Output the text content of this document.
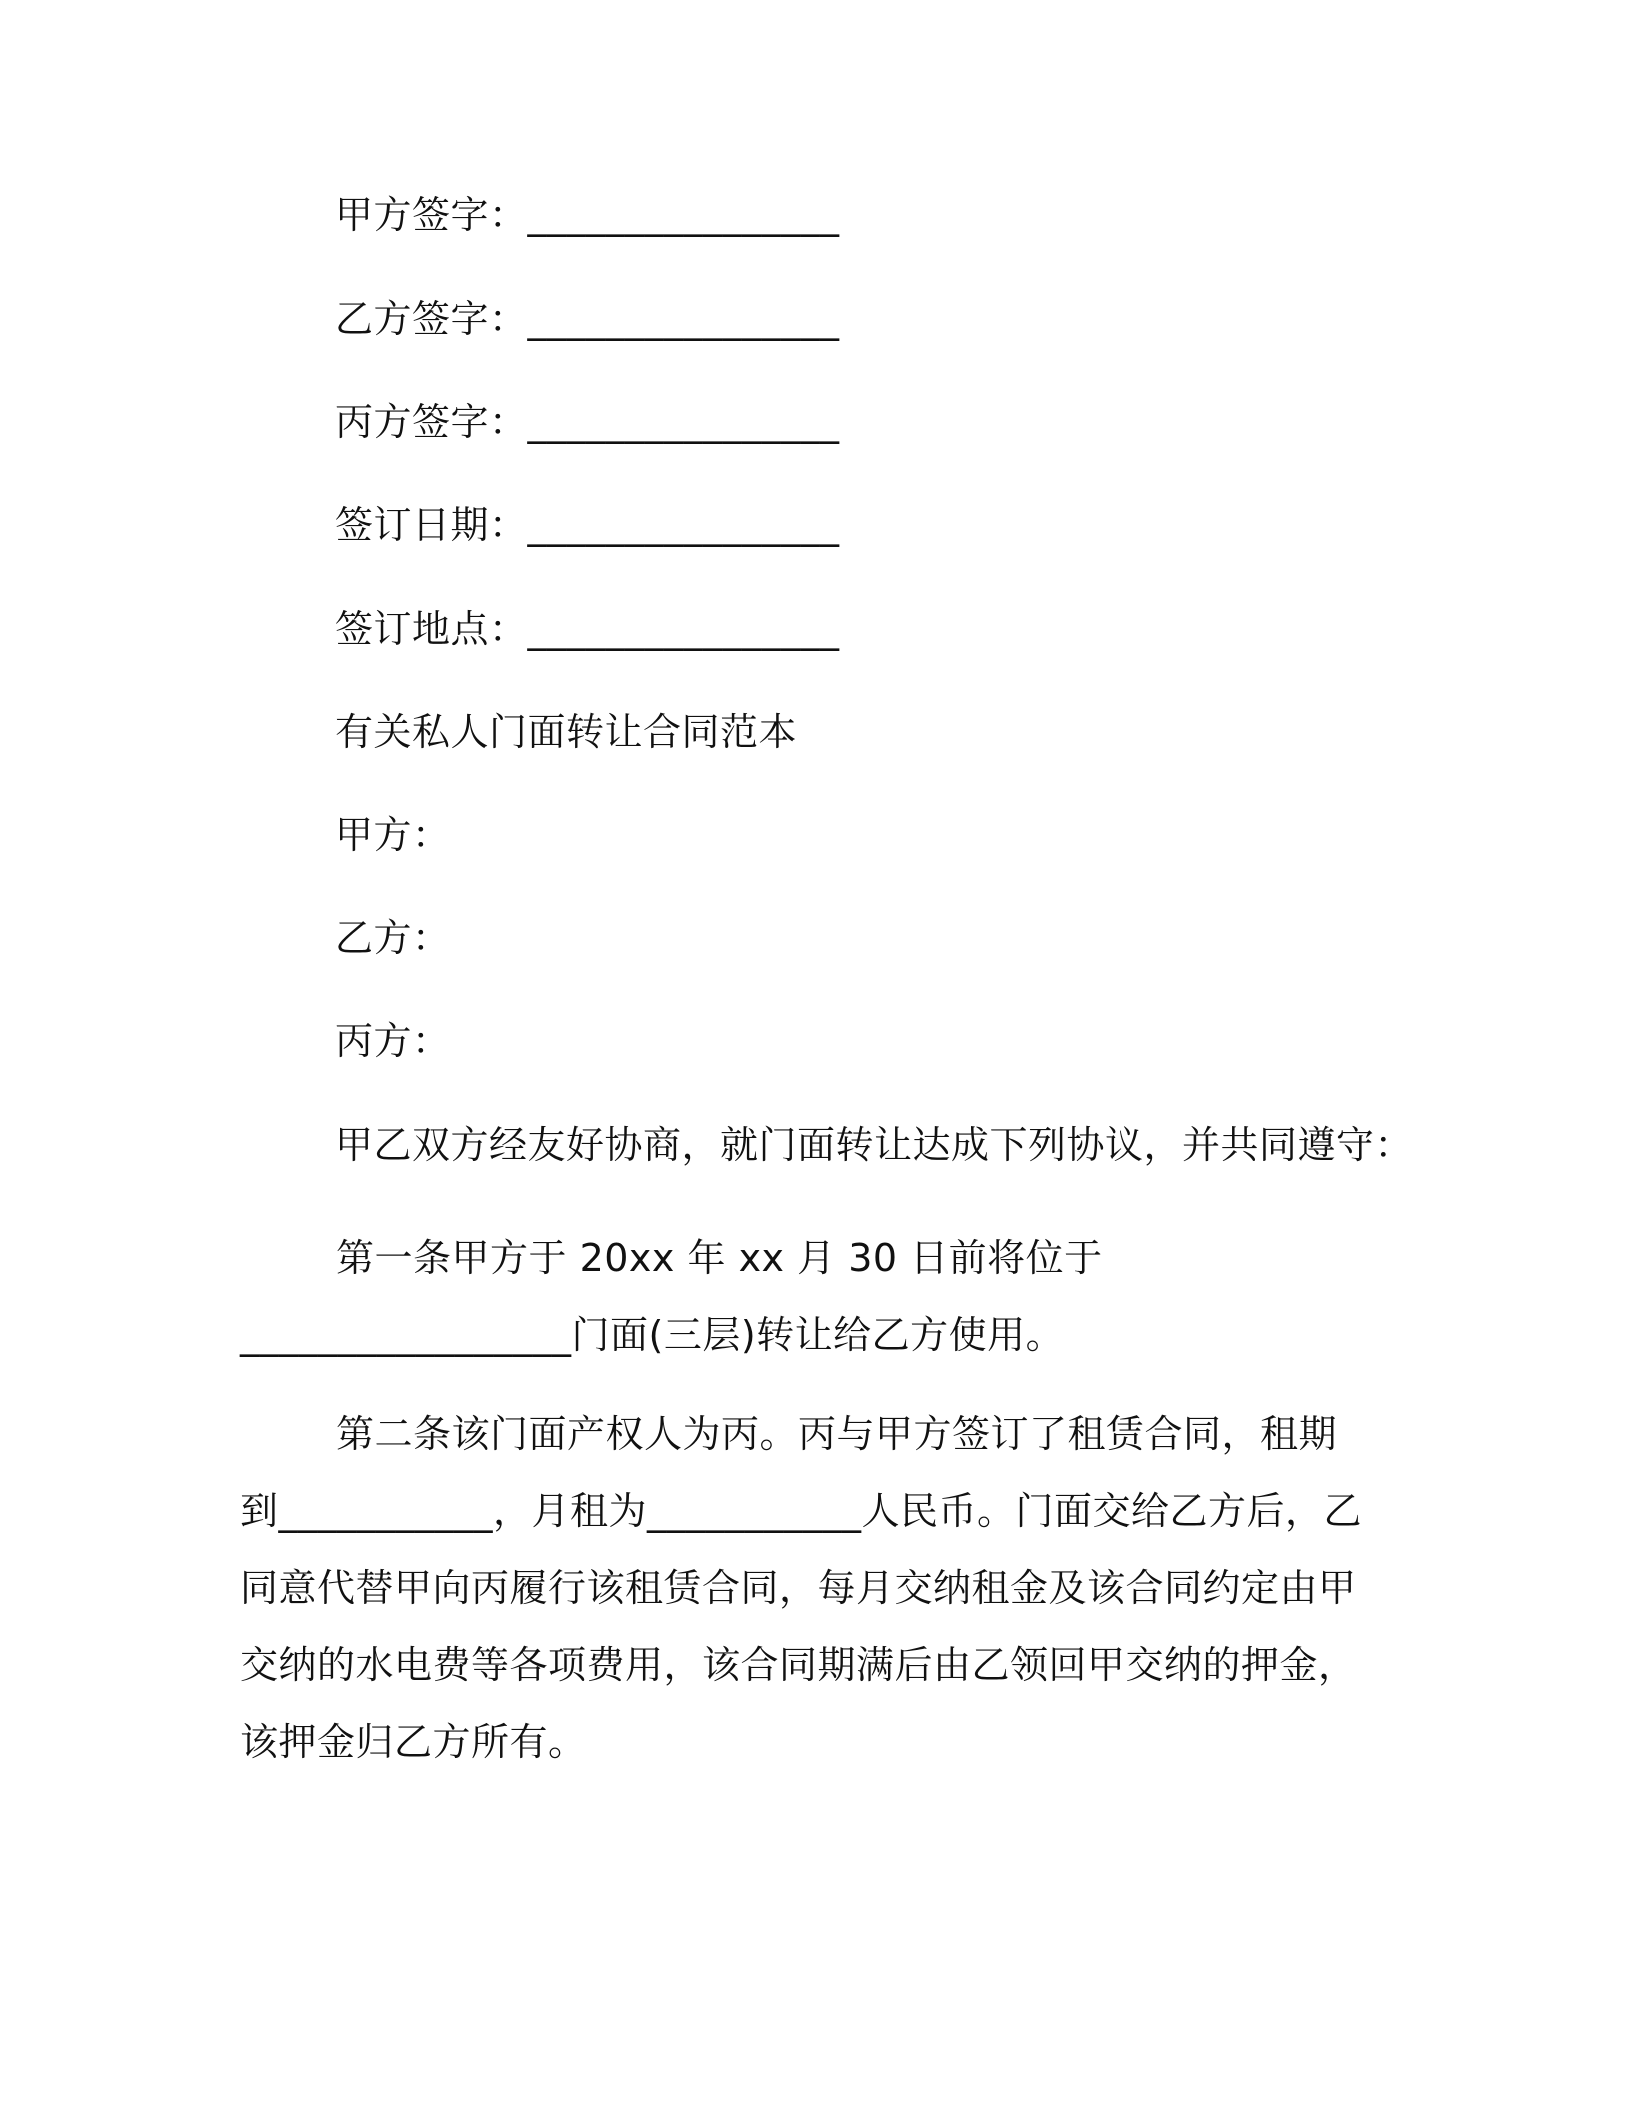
甲方签字：________________
乙方签字：________________
丙方签字：________________
签订日期：________________
签订地点：________________
有关私人门面转让合同范本
甲方：
乙方：
丙方：
甲乙双方经友好协商，就门面转让达成下列协议，并共同遵守：

第一条甲方于 20xx 年 xx 月 30 日前将位于_________________门面(三层)转让给乙方使用。

第二条该门面产权人为丙。丙与甲方签订了租赁合同，租期到___________，月租为___________人民币。门面交给乙方后，乙同意代替甲向丙履行该租赁合同，每月交纳租金及该合同约定由甲交纳的水电费等各项费用，该合同期满后由乙领回甲交纳的押金，该押金归乙方所有。
